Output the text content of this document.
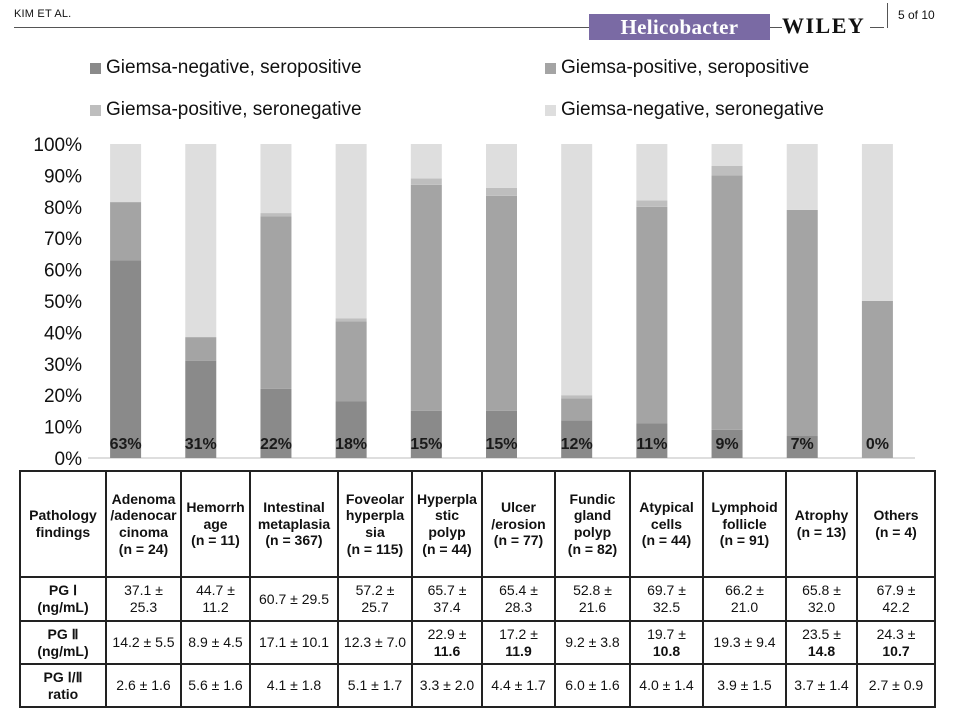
KIM ET AL.
Helicobacter WILEY	5 of 10
Giemsa-negative, seropositive	Giemsa-positive, seropositive
Giemsa-positive, seronegative	Giemsa-negative, seronegative
0%
10%
20%
30%
40%
50%
60%
70%
80%
90%
100%
63%	31%	22%	18%	15%	15%	12%	11%	9%	7%	0%
Pathology
findings	Adenoma
/adenocar
cinoma
(n = 24)	Hemorrh
age
(n = 11)	Intestinal
metaplasia
(n = 367)	Foveolar
hyperpla
sia
(n = 115)	Hyperpla
stic
polyp
(n = 44)	Ulcer
/erosion
(n = 77)	Fundic
gland
polyp
(n = 82)	Atypical
cells
(n = 44)	Lymphoid
follicle
(n = 91)	Atrophy
(n = 13)	Others
(n = 4)

PG Ⅰ
(ng/mL)	37.1 ±
25.3	44.7 ±
11.2	60.7 ± 29.5	57.2 ±
25.7	65.7 ±
37.4	65.4 ±
28.3	52.8 ±
21.6	69.7 ±
32.5	66.2 ±
21.0	65.8 ±
32.0	67.9 ±
42.2

PG Ⅱ
(ng/mL)	14.2 ± 5.5	8.9 ± 4.5	17.1 ± 10.1	12.3 ± 7.0	22.9 ±
11.6	17.2 ±
11.9	9.2 ± 3.8	19.7 ±
10.8	19.3 ± 9.4	23.5 ±
14.8	24.3 ±
10.7

PG Ⅰ/Ⅱ
ratio	2.6 ± 1.6	5.6 ± 1.6	4.1 ± 1.8	5.1 ± 1.7	3.3 ± 2.0	4.4 ± 1.7	6.0 ± 1.6	4.0 ± 1.4	3.9 ± 1.5	3.7 ± 1.4	2.7 ± 0.9
